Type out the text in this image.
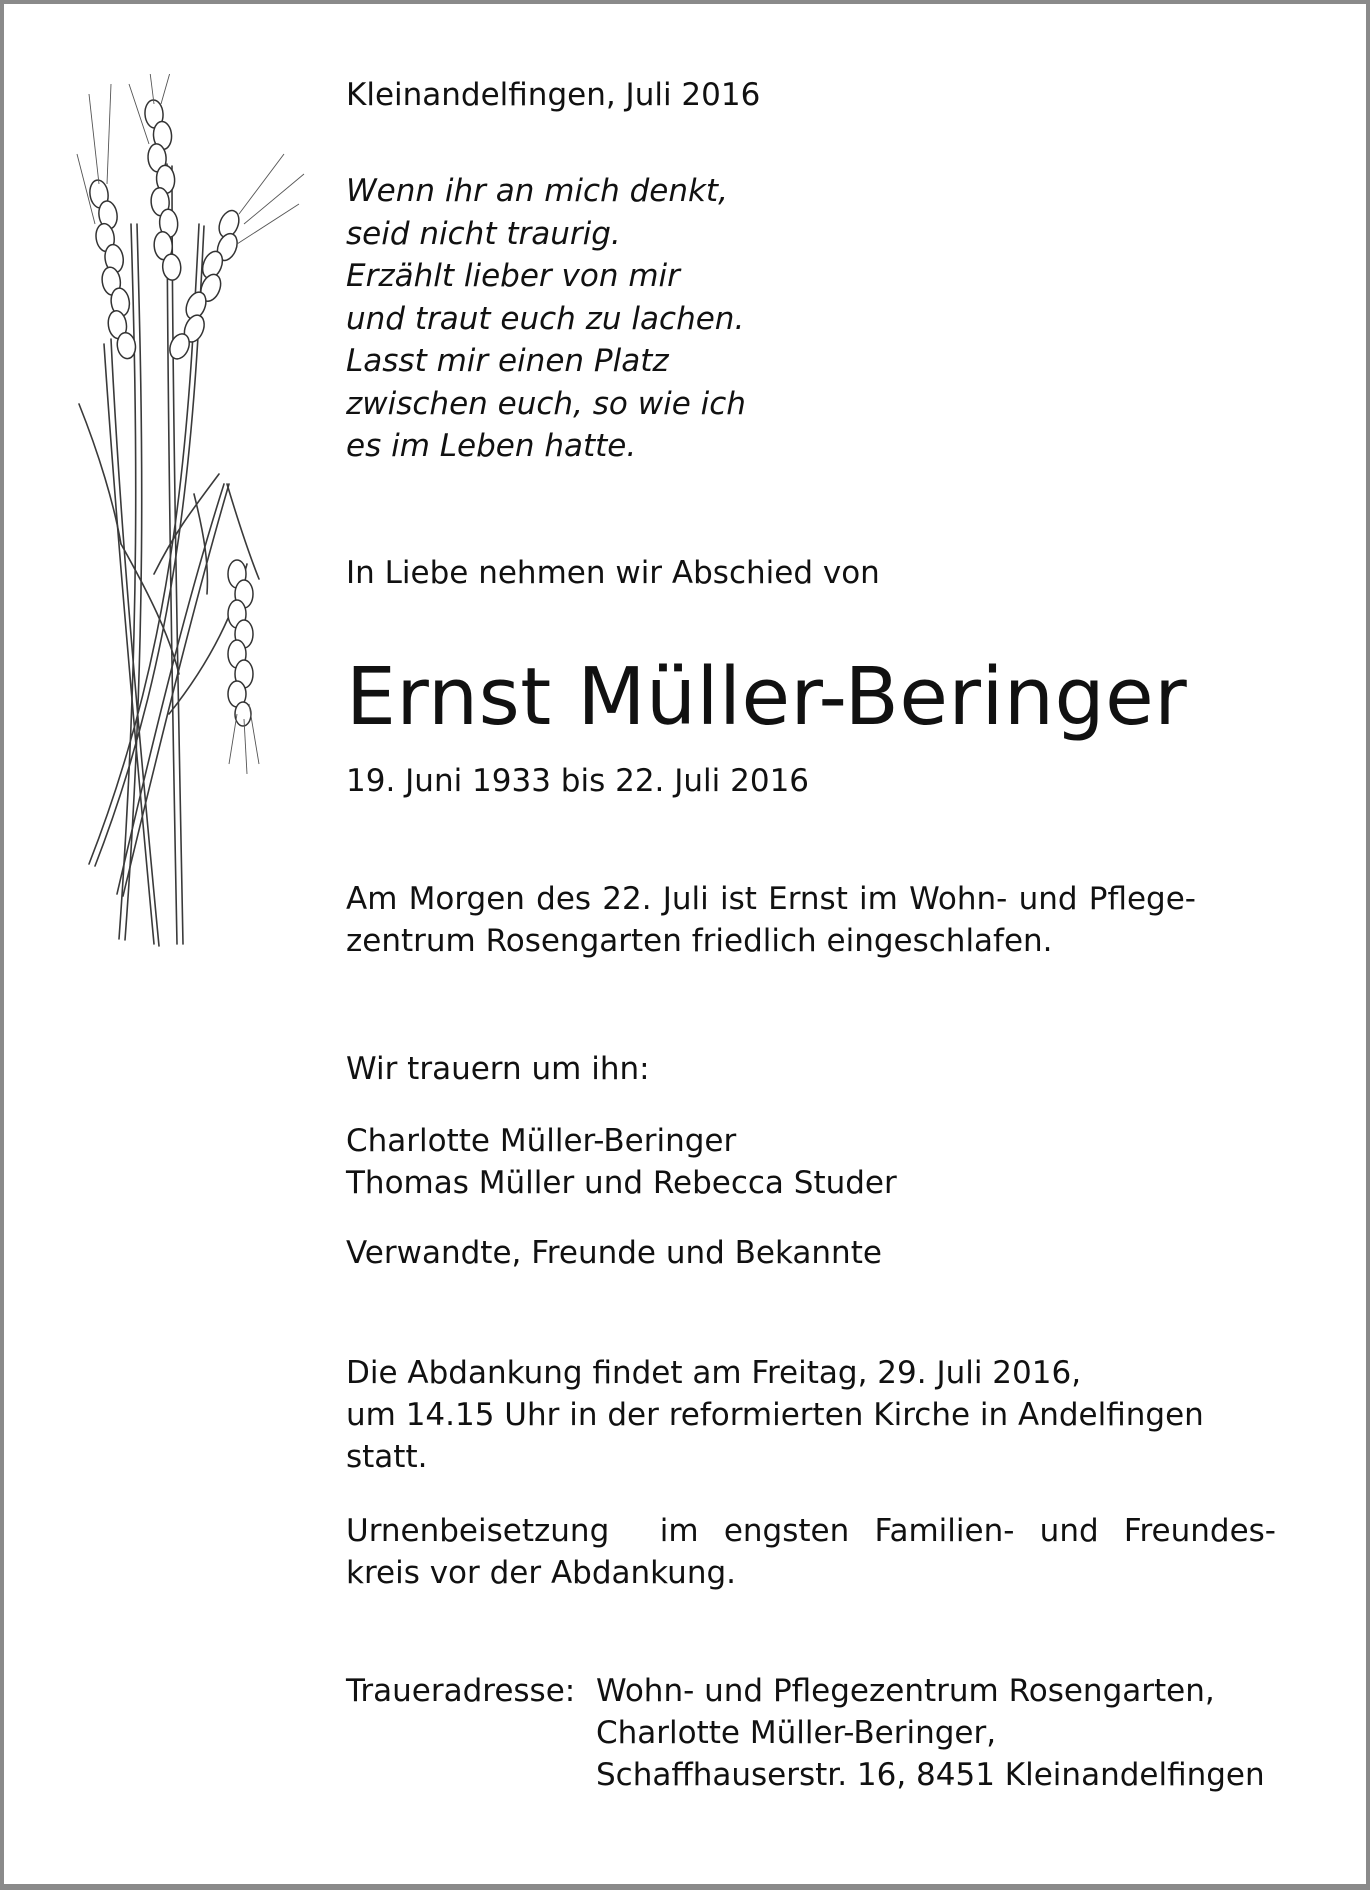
Kleinandelfingen, Juli 2016
Wenn ihr an mich denkt,
seid nicht traurig.
Erzählt lieber von mir
und traut euch zu lachen.
Lasst mir einen Platz
zwischen euch, so wie ich
es im Leben hatte.
In Liebe nehmen wir Abschied von
Ernst Müller-Beringer
19. Juni 1933 bis 22. Juli 2016
Am Morgen des 22. Juli ist Ernst im Wohn- und Pflege-
zentrum Rosengarten friedlich eingeschlafen.
Wir trauern um ihn:
Charlotte Müller-Beringer
Thomas Müller und Rebecca Studer
Verwandte, Freunde und Bekannte
Die Abdankung findet am Freitag, 29. Juli 2016,
um 14.15 Uhr in der reformierten Kirche in Andelfingen
statt.
Urnenbeisetzung  im engsten Familien- und Freundes-
kreis vor der Abdankung.
Traueradresse: Wohn- und Pflegezentrum Rosengarten,
Charlotte Müller-Beringer,
Schaffhauserstr. 16, 8451 Kleinandelfingen
